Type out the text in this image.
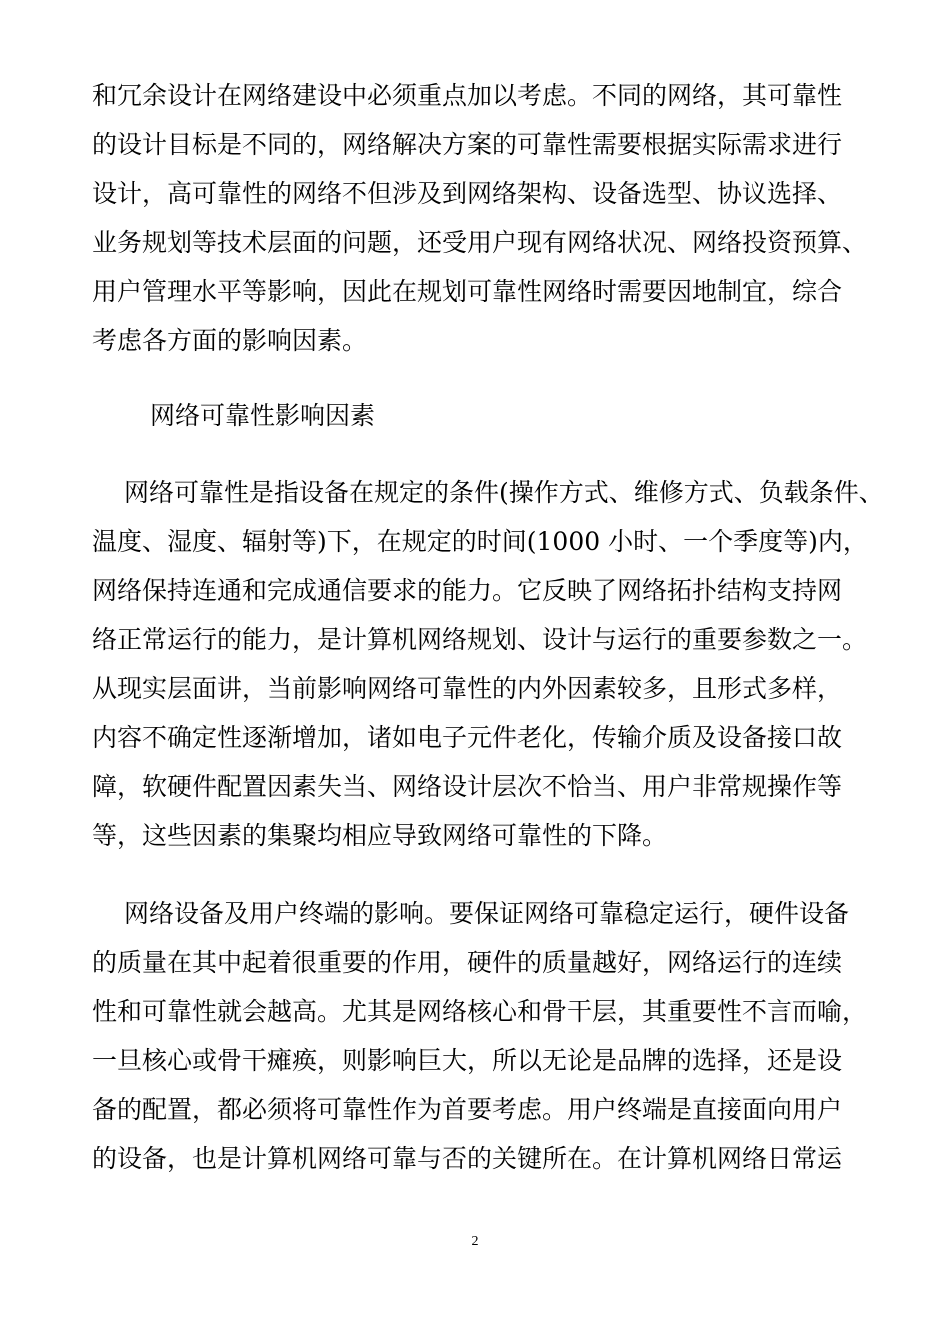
和冗余设计在网络建设中必须重点加以考虑。不同的网络，其可靠性
的设计目标是不同的，网络解决方案的可靠性需要根据实际需求进行
设计，高可靠性的网络不但涉及到网络架构、设备选型、协议选择、
业务规划等技术层面的问题，还受用户现有网络状况、网络投资预算、
用户管理水平等影响，因此在规划可靠性网络时需要因地制宜，综合
考虑各方面的影响因素。
网络可靠性影响因素
网络可靠性是指设备在规定的条件(操作方式、维修方式、负载条件、
温度、湿度、辐射等)下，在规定的时间(1000 小时、一个季度等)内，
网络保持连通和完成通信要求的能力。它反映了网络拓扑结构支持网
络正常运行的能力，是计算机网络规划、设计与运行的重要参数之一。
从现实层面讲，当前影响网络可靠性的内外因素较多，且形式多样，
内容不确定性逐渐增加，诸如电子元件老化，传输介质及设备接口故
障，软硬件配置因素失当、网络设计层次不恰当、用户非常规操作等
等，这些因素的集聚均相应导致网络可靠性的下降。
网络设备及用户终端的影响。要保证网络可靠稳定运行，硬件设备
的质量在其中起着很重要的作用，硬件的质量越好，网络运行的连续
性和可靠性就会越高。尤其是网络核心和骨干层，其重要性不言而喻，
一旦核心或骨干瘫痪，则影响巨大，所以无论是品牌的选择，还是设
备的配置，都必须将可靠性作为首要考虑。用户终端是直接面向用户
的设备，也是计算机网络可靠与否的关键所在。在计算机网络日常运
2
